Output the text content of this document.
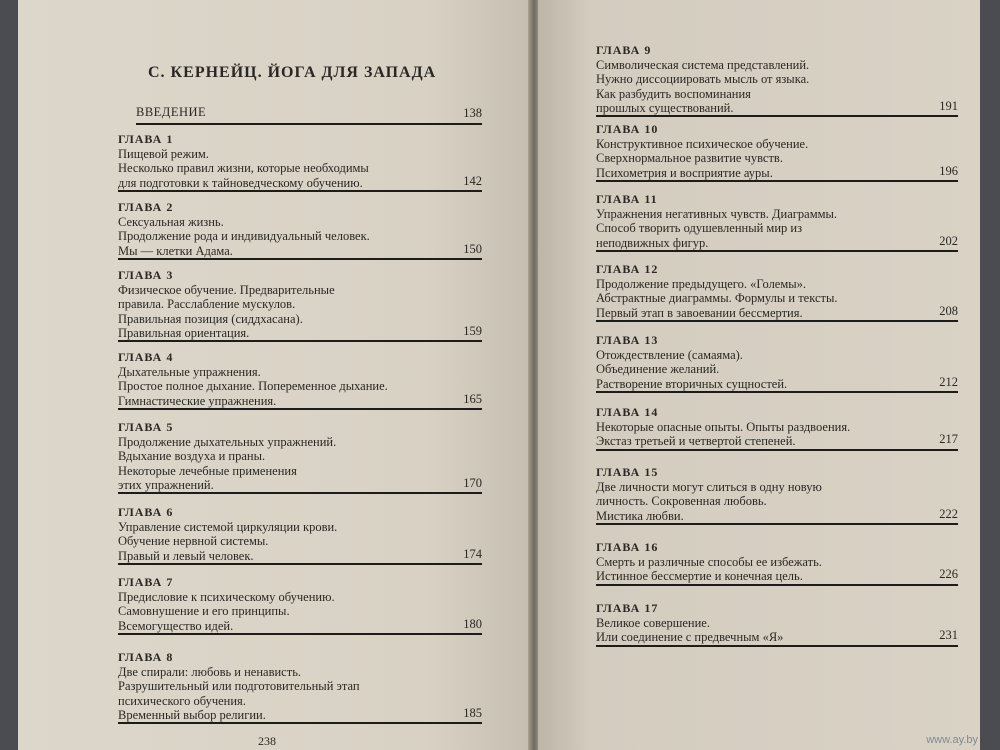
С. КЕРНЕЙЦ. ЙОГА ДЛЯ ЗАПАДА
ВВЕДЕНИЕ	138
ГЛАВА 1
Пищевой режим.
Несколько правил жизни, которые необходимы
для подготовки к тайноведческому обучению.	142
ГЛАВА 2
Сексуальная жизнь.
Продолжение рода и индивидуальный человек.
Мы — клетки Адама.	150
ГЛАВА 3
Физическое обучение. Предварительные
правила. Расслабление мускулов.
Правильная позиция (сиддхасана).
Правильная ориентация.	159
ГЛАВА 4
Дыхательные упражнения.
Простое полное дыхание. Попеременное дыхание.
Гимнастические упражнения.	165
ГЛАВА 5
Продолжение дыхательных упражнений.
Вдыхание воздуха и праны.
Некоторые лечебные применения
этих упражнений.	170
ГЛАВА 6
Управление системой циркуляции крови.
Обучение нервной системы.
Правый и левый человек.	174
ГЛАВА 7
Предисловие к психическому обучению.
Самовнушение и его принципы.
Всемогущество идей.	180
ГЛАВА 8
Две спирали: любовь и ненависть.
Разрушительный или подготовительный этап
психического обучения.
Временный выбор религии.	185
238
ГЛАВА 9
Символическая система представлений.
Нужно диссоциировать мысль от языка.
Как разбудить воспоминания
прошлых существований.	191
ГЛАВА 10
Конструктивное психическое обучение.
Сверхнормальное развитие чувств.
Психометрия и восприятие ауры.	196
ГЛАВА 11
Упражнения негативных чувств. Диаграммы.
Способ творить одушевленный мир из
неподвижных фигур.	202
ГЛАВА 12
Продолжение предыдущего. «Големы».
Абстрактные диаграммы. Формулы и тексты.
Первый этап в завоевании бессмертия.	208
ГЛАВА 13
Отождествление (самаяма).
Объединение желаний.
Растворение вторичных сущностей.	212
ГЛАВА 14
Некоторые опасные опыты. Опыты раздвоения.
Экстаз третьей и четвертой степеней.	217
ГЛАВА 15
Две личности могут слиться в одну новую
личность. Сокровенная любовь.
Мистика любви.	222
ГЛАВА 16
Смерть и различные способы ее избежать.
Истинное бессмертие и конечная цель.	226
ГЛАВА 17
Великое совершение.
Или соединение с предвечным «Я»	231
www.ay.by
